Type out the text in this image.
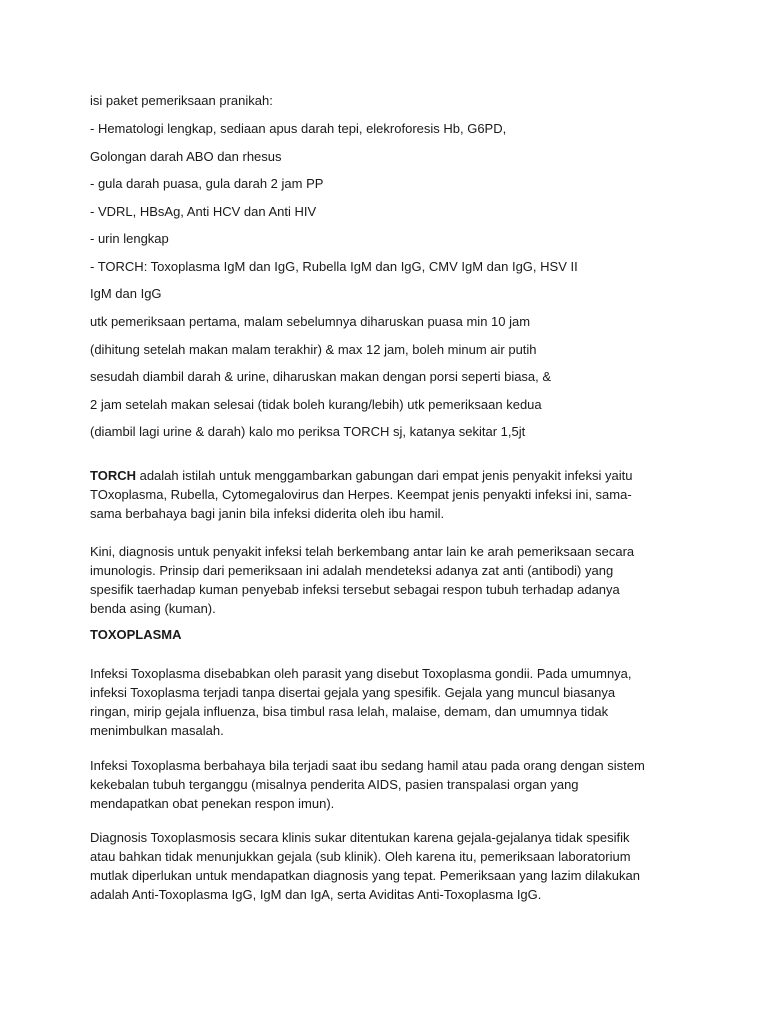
isi paket pemeriksaan pranikah:
- Hematologi lengkap, sediaan apus darah tepi, elekroforesis Hb, G6PD,
Golongan darah ABO dan rhesus
- gula darah puasa, gula darah 2 jam PP
- VDRL, HBsAg, Anti HCV dan Anti HIV
- urin lengkap
- TORCH: Toxoplasma IgM dan IgG, Rubella IgM dan IgG, CMV IgM dan IgG, HSV II
IgM dan IgG
utk pemeriksaan pertama, malam sebelumnya diharuskan puasa min 10 jam
(dihitung setelah makan malam terakhir) & max 12 jam, boleh minum air putih
sesudah diambil darah & urine, diharuskan makan dengan porsi seperti biasa, &
2 jam setelah makan selesai (tidak boleh kurang/lebih) utk pemeriksaan kedua
(diambil lagi urine & darah) kalo mo periksa TORCH sj, katanya sekitar 1,5jt
TORCH adalah istilah untuk menggambarkan gabungan dari empat jenis penyakit infeksi yaitu
TOxoplasma, Rubella, Cytomegalovirus dan Herpes. Keempat jenis penyakti infeksi ini, sama-
sama berbahaya bagi janin bila infeksi diderita oleh ibu hamil.
Kini, diagnosis untuk penyakit infeksi telah berkembang antar lain ke arah pemeriksaan secara
imunologis. Prinsip dari pemeriksaan ini adalah mendeteksi adanya zat anti (antibodi) yang
spesifik taerhadap kuman penyebab infeksi tersebut sebagai respon tubuh terhadap adanya
benda asing (kuman).
TOXOPLASMA
Infeksi Toxoplasma disebabkan oleh parasit yang disebut Toxoplasma gondii. Pada umumnya,
infeksi Toxoplasma terjadi tanpa disertai gejala yang spesifik. Gejala yang muncul biasanya
ringan, mirip gejala influenza, bisa timbul rasa lelah, malaise, demam, dan umumnya tidak
menimbulkan masalah.
Infeksi Toxoplasma berbahaya bila terjadi saat ibu sedang hamil atau pada orang dengan sistem
kekebalan tubuh terganggu (misalnya penderita AIDS, pasien transpalasi organ yang
mendapatkan obat penekan respon imun).
Diagnosis Toxoplasmosis secara klinis sukar ditentukan karena gejala-gejalanya tidak spesifik
atau bahkan tidak menunjukkan gejala (sub klinik). Oleh karena itu, pemeriksaan laboratorium
mutlak diperlukan untuk mendapatkan diagnosis yang tepat. Pemeriksaan yang lazim dilakukan
adalah Anti-Toxoplasma IgG, IgM dan IgA, serta Aviditas Anti-Toxoplasma IgG.
